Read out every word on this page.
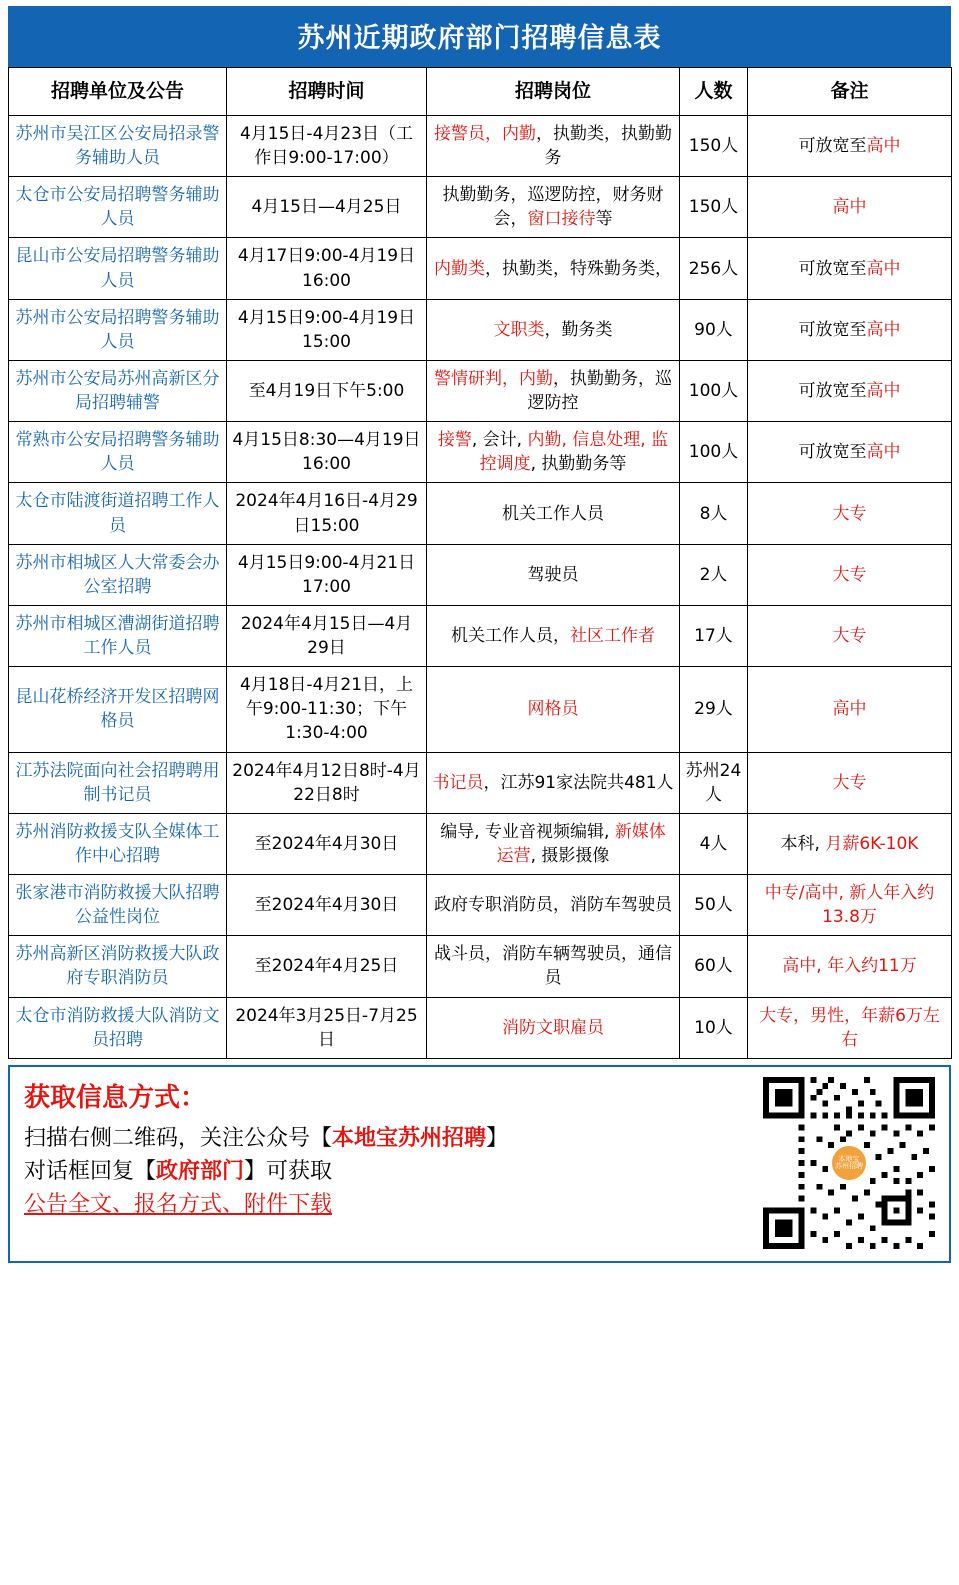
苏州近期政府部门招聘信息表
招聘单位及公告	招聘时间	招聘岗位	人数	备注
苏州市吴江区公安局招录警务辅助人员	4月15日-4月23日（工作日9:00-17:00）	接警员，内勤，执勤类，执勤勤务	150人	可放宽至高中
太仓市公安局招聘警务辅助人员	4月15日—4月25日	执勤勤务，巡逻防控，财务财会，窗口接待等	150人	高中
昆山市公安局招聘警务辅助人员	4月17日9:00-4月19日16:00	内勤类，执勤类，特殊勤务类，	256人	可放宽至高中
苏州市公安局招聘警务辅助人员	4月15日9:00-4月19日15:00	文职类，勤务类	90人	可放宽至高中
苏州市公安局苏州高新区分局招聘辅警	至4月19日下午5:00	警情研判，内勤，执勤勤务，巡逻防控	100人	可放宽至高中
常熟市公安局招聘警务辅助人员	4月15日8:30—4月19日16:00	接警, 会计, 内勤, 信息处理, 监控调度, 执勤勤务等	100人	可放宽至高中
太仓市陆渡街道招聘工作人员	2024年4月16日-4月29日15:00	机关工作人员	8人	大专
苏州市相城区人大常委会办公室招聘	4月15日9:00-4月21日17:00	驾驶员	2人	大专
苏州市相城区漕湖街道招聘工作人员	2024年4月15日—4月29日	机关工作人员，社区工作者	17人	大专
昆山花桥经济开发区招聘网格员	4月18日-4月21日，上午9:00-11:30；下午1:30-4:00	网格员	29人	高中
江苏法院面向社会招聘聘用制书记员	2024年4月12日8时-4月22日8时	书记员，江苏91家法院共481人	苏州24人	大专
苏州消防救援支队全媒体工作中心招聘	至2024年4月30日	编导, 专业音视频编辑, 新媒体运营, 摄影摄像	4人	本科, 月薪6K-10K
张家港市消防救援大队招聘公益性岗位	至2024年4月30日	政府专职消防员，消防车驾驶员	50人	中专/高中, 新人年入约13.8万
苏州高新区消防救援大队政府专职消防员	至2024年4月25日	战斗员，消防车辆驾驶员，通信员	60人	高中, 年入约11万
太仓市消防救援大队消防文员招聘	2024年3月25日-7月25日	消防文职雇员	10人	大专，男性，年薪6万左右
获取信息方式：
扫描右侧二维码，关注公众号【本地宝苏州招聘】
对话框回复【政府部门】可获取
公告全文、报名方式、附件下载
本地宝
苏州招聘
